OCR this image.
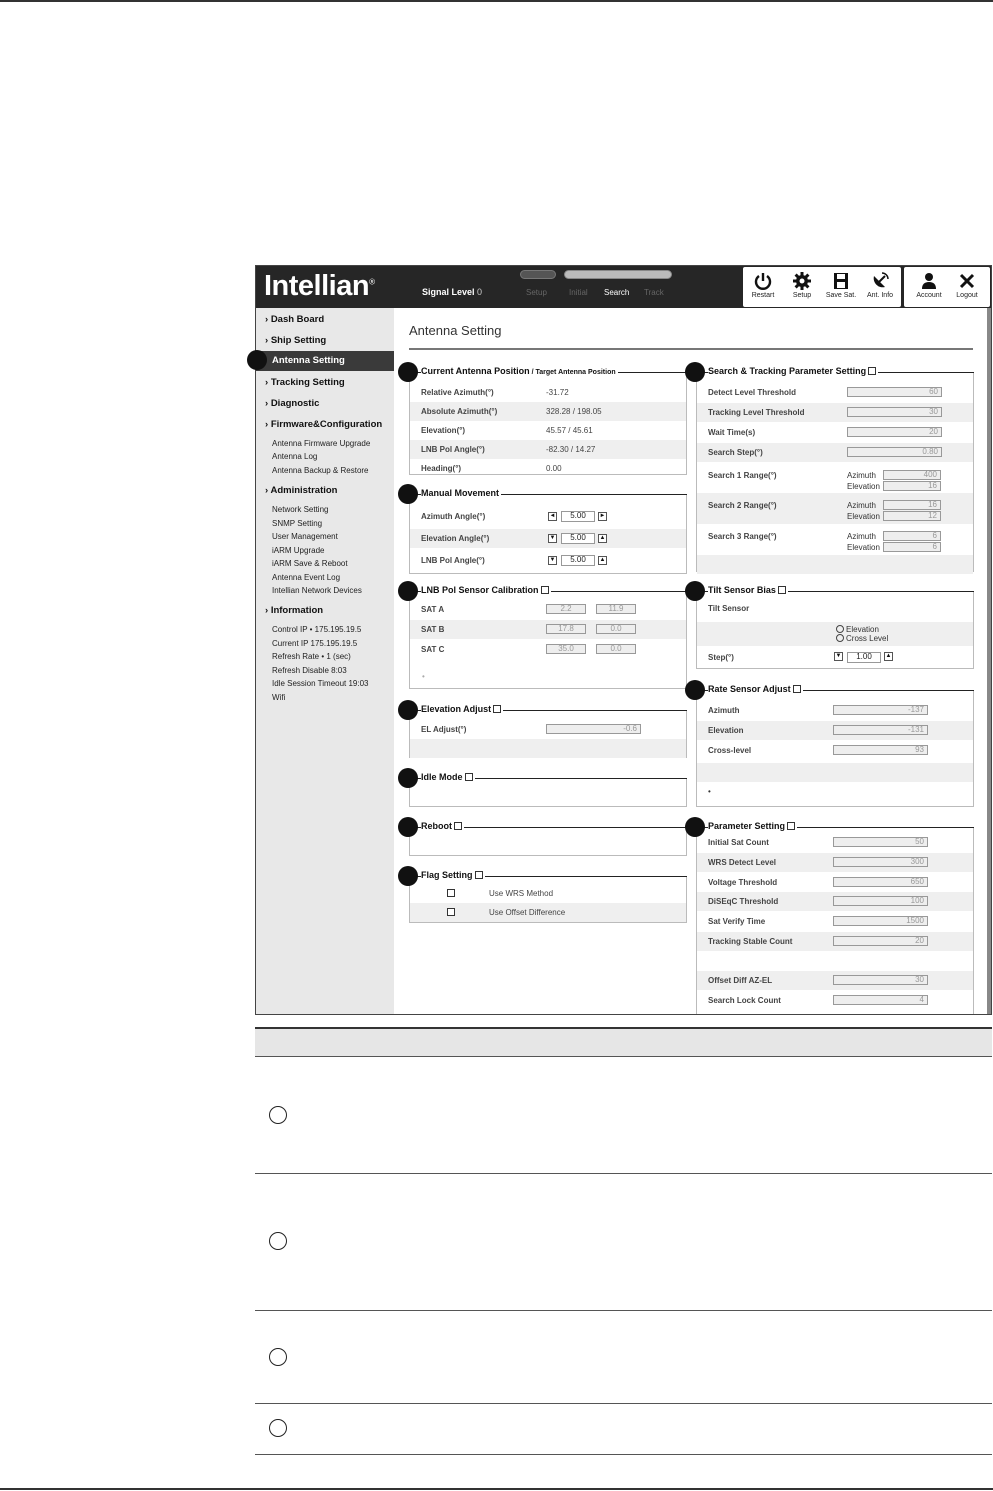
Intellian®
Signal Level 0	Setup	Initial Search Track	Restart	Setup	Save Sat.	Ant. Info	Account	Logout
› Dash Board
› Ship Setting
Antenna Setting
› Tracking Setting
› Diagnostic
› Firmware&Configuration
Antenna Firmware Upgrade
Antenna Log
Antenna Backup & Restore
› Administration
Network Setting
SNMP Setting
User Management
iARM Upgrade
iARM Save & Reboot
Antenna Event Log
Intellian Network Devices
› Information
Control IP • 175.195.19.5
Current IP 175.195.19.5
Refresh Rate • 1 (sec)
Refresh Disable 8:03
Idle Session Timeout 19:03
Wifi
Antenna Setting
Relative Azimuth(°)	-31.72
Absolute Azimuth(°)	328.28 / 198.05
Elevation(°)	45.57 / 45.61
LNB Pol Angle(°)	-82.30 / 14.27
Heading(°)	0.00
Current Antenna Position / Target Antenna Position
Azimuth Angle(°)	◄	5.00	►
Elevation Angle(°)	▼	5.00	▲
LNB Pol Angle(°)	▼	5.00	▲
Manual Movement
SAT A	2.2	11.9
SAT B	17.8	0.0
SAT C	35.0	0.0
•
LNB Pol Sensor Calibration
EL Adjust(°)	-0.6
Elevation Adjust
Idle Mode
Reboot
Use WRS Method
Use Offset Difference
Flag Setting
Detect Level Threshold	60
Tracking Level Threshold	30
Wait Time(s)	20
Search Step(°)	0.80
Search 1 Range(°)	Azimuth	400
Elevation	16
Search 2 Range(°)	Azimuth	16
Elevation	12
Search 3 Range(°)	Azimuth	6
Elevation	6
Search & Tracking Parameter Setting
Tilt Sensor
Elevation
Cross Level
Step(°)	▼	1.00	▲
Tilt Sensor Bias
Azimuth	-137
Elevation	-131
Cross-level	93
•
Rate Sensor Adjust
Initial Sat Count	50
WRS Detect Level	300
Voltage Threshold	650
DiSEqC Threshold	100
Sat Verify Time	1500
Tracking Stable Count	20
Offset Diff AZ-EL	30
Search Lock Count	4
Parameter Setting
